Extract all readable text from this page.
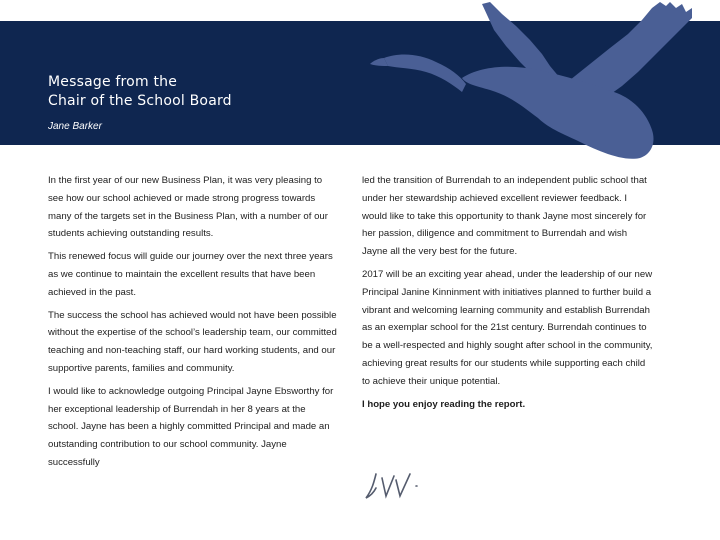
Message from the
Chair of the School Board
Jane Barker

In the first year of our new Business Plan, it was very pleasing to see how our school achieved or made strong progress towards many of the targets set in the Business Plan, with a number of our students achieving outstanding results.

This renewed focus will guide our journey over the next three years as we continue to maintain the excellent results that have been achieved in the past.

The success the school has achieved would not have been possible without the expertise of the school’s leadership team, our committed teaching and non-teaching staff, our hard working students, and our supportive parents, families and community.

I would like to acknowledge outgoing Principal Jayne Ebsworthy for her exceptional leadership of Burrendah in her 8 years at the school. Jayne has been a highly committed Principal and made an outstanding contribution to our school community. Jayne successfully

led the transition of Burrendah to an independent public school that under her stewardship achieved excellent reviewer feedback. I would like to take this opportunity to thank Jayne most sincerely for her passion, diligence and commitment to Burrendah and wish Jayne all the very best for the future.

2017 will be an exciting year ahead, under the leadership of our new Principal Janine Kinninment with initiatives planned to further build a vibrant and welcoming learning community and establish Burrendah as an exemplar school for the 21st century. Burrendah continues to be a well-respected and highly sought after school in the community, achieving great results for our students while supporting each child to achieve their unique potential.

I hope you enjoy reading the report.
